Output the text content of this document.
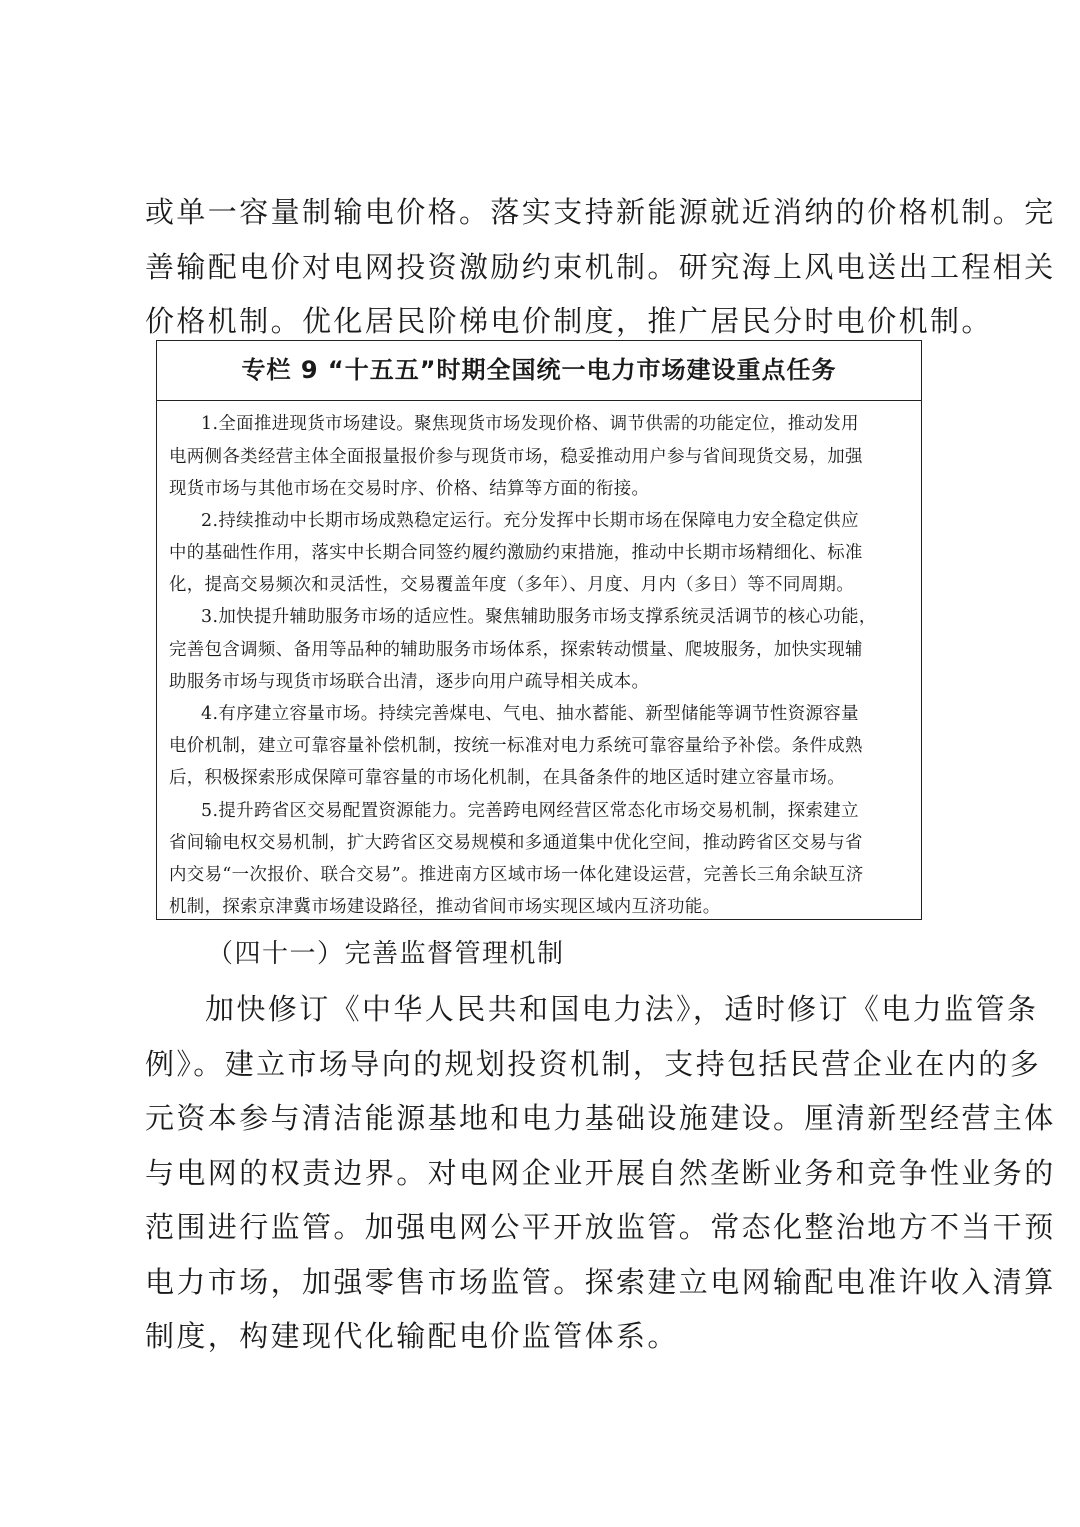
或单一容量制输电价格。落实支持新能源就近消纳的价格机制。完
善输配电价对电网投资激励约束机制。研究海上风电送出工程相关
价格机制。优化居民阶梯电价制度，推广居民分时电价机制。
专栏 9 “十五五”时期全国统一电力市场建设重点任务
1.全面推进现货市场建设。聚焦现货市场发现价格、调节供需的功能定位，推动发用
电两侧各类经营主体全面报量报价参与现货市场，稳妥推动用户参与省间现货交易，加强
现货市场与其他市场在交易时序、价格、结算等方面的衔接。
2.持续推动中长期市场成熟稳定运行。充分发挥中长期市场在保障电力安全稳定供应
中的基础性作用，落实中长期合同签约履约激励约束措施，推动中长期市场精细化、标准
化，提高交易频次和灵活性，交易覆盖年度（多年）、月度、月内（多日）等不同周期。
3.加快提升辅助服务市场的适应性。聚焦辅助服务市场支撑系统灵活调节的核心功能，
完善包含调频、备用等品种的辅助服务市场体系，探索转动惯量、爬坡服务，加快实现辅
助服务市场与现货市场联合出清，逐步向用户疏导相关成本。
4.有序建立容量市场。持续完善煤电、气电、抽水蓄能、新型储能等调节性资源容量
电价机制，建立可靠容量补偿机制，按统一标准对电力系统可靠容量给予补偿。条件成熟
后，积极探索形成保障可靠容量的市场化机制，在具备条件的地区适时建立容量市场。
5.提升跨省区交易配置资源能力。完善跨电网经营区常态化市场交易机制，探索建立
省间输电权交易机制，扩大跨省区交易规模和多通道集中优化空间，推动跨省区交易与省
内交易“一次报价、联合交易”。推进南方区域市场一体化建设运营，完善长三角余缺互济
机制，探索京津冀市场建设路径，推动省间市场实现区域内互济功能。
（四十一）完善监督管理机制
加快修订《中华人民共和国电力法》，适时修订《电力监管条
例》。建立市场导向的规划投资机制，支持包括民营企业在内的多
元资本参与清洁能源基地和电力基础设施建设。厘清新型经营主体
与电网的权责边界。对电网企业开展自然垄断业务和竞争性业务的
范围进行监管。加强电网公平开放监管。常态化整治地方不当干预
电力市场，加强零售市场监管。探索建立电网输配电准许收入清算
制度，构建现代化输配电价监管体系。
